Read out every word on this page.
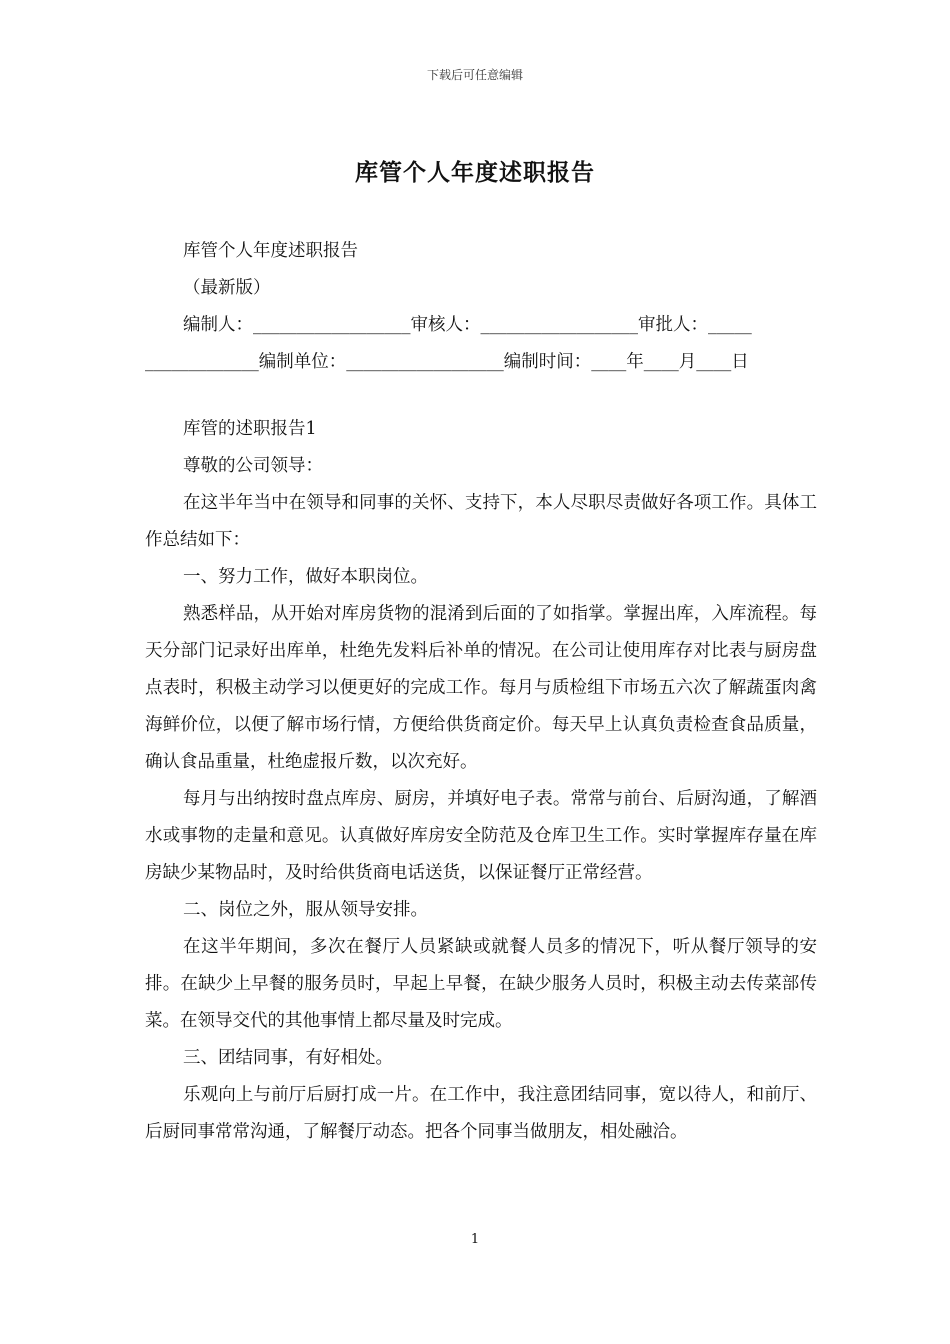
下载后可任意编辑
库管个人年度述职报告

库管个人年度述职报告

（最新版）

编制人：__________________审核人：__________________审批人：_____

_____________编制单位：__________________编制时间：____年____月____日

库管的述职报告1

尊敬的公司领导：

在这半年当中在领导和同事的关怀、支持下，本人尽职尽责做好各项工作。具体工作总结如下：

一、努力工作，做好本职岗位。

熟悉样品，从开始对库房货物的混淆到后面的了如指掌。掌握出库，入库流程。每天分部门记录好出库单，杜绝先发料后补单的情况。在公司让使用库存对比表与厨房盘点表时，积极主动学习以便更好的完成工作。每月与质检组下市场五六次了解蔬蛋肉禽海鲜价位，以便了解市场行情，方便给供货商定价。每天早上认真负责检查食品质量，确认食品重量，杜绝虚报斤数，以次充好。

每月与出纳按时盘点库房、厨房，并填好电子表。常常与前台、后厨沟通，了解酒水或事物的走量和意见。认真做好库房安全防范及仓库卫生工作。实时掌握库存量在库房缺少某物品时，及时给供货商电话送货，以保证餐厅正常经营。

二、岗位之外，服从领导安排。

在这半年期间，多次在餐厅人员紧缺或就餐人员多的情况下，听从餐厅领导的安排。在缺少上早餐的服务员时，早起上早餐，在缺少服务人员时，积极主动去传菜部传菜。在领导交代的其他事情上都尽量及时完成。

三、团结同事，有好相处。

乐观向上与前厅后厨打成一片。在工作中，我注意团结同事，宽以待人，和前厅、后厨同事常常沟通，了解餐厅动态。把各个同事当做朋友，相处融洽。

1
